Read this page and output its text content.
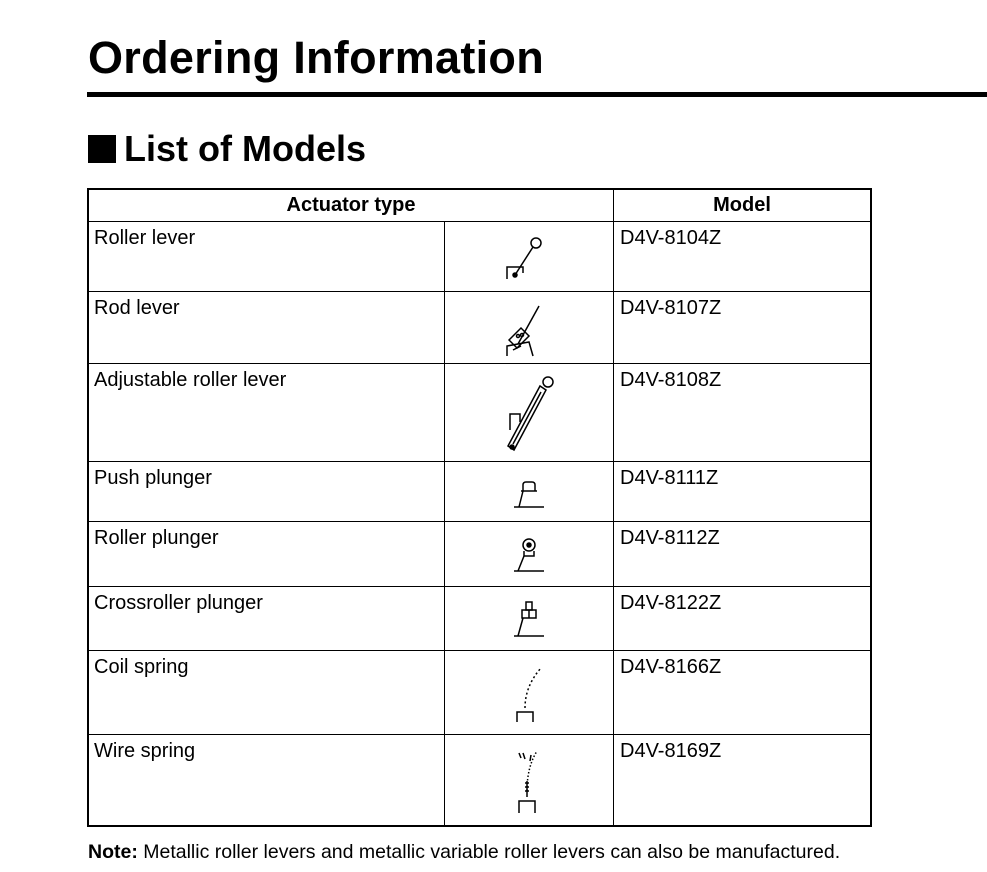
Ordering Information
List of Models
Actuator type		Model
Roller lever		D4V-8104Z
Rod lever		D4V-8107Z
Adjustable roller lever		D4V-8108Z
Push plunger		D4V-8111Z
Roller plunger		D4V-8112Z
Crossroller plunger		D4V-8122Z
Coil spring		D4V-8166Z
Wire spring		D4V-8169Z

Note: Metallic roller levers and metallic variable roller levers can also be manufactured.
